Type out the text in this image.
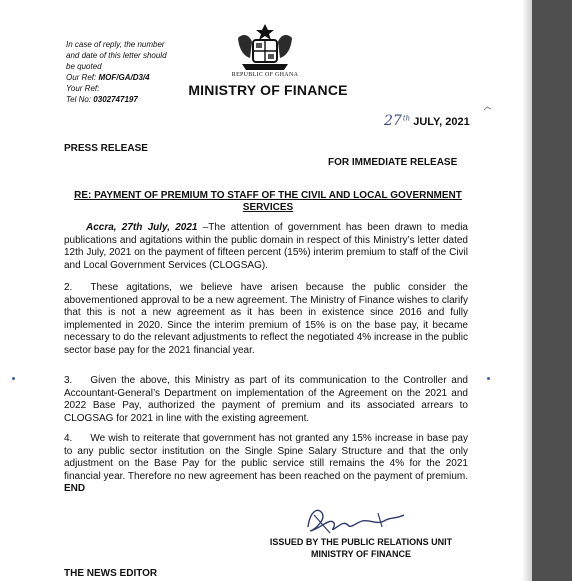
In case of reply, the number and date of this letter should be quoted
Our Ref: MOF/GA/D3/4
Your Ref:
Tel No: 0302747197
REPUBLIC OF GHANA
MINISTRY OF FINANCE
27th JULY, 2021
PRESS RELEASE
FOR IMMEDIATE RELEASE
RE: PAYMENT OF PREMIUM TO STAFF OF THE CIVIL AND LOCAL GOVERNMENT SERVICES
Accra, 27th July, 2021 –The attention of government has been drawn to media publications and agitations within the public domain in respect of this Ministry’s letter dated 12th July, 2021 on the payment of fifteen percent (15%) interim premium to staff of the Civil and Local Government Services (CLOGSAG).
2. These agitations, we believe have arisen because the public consider the abovementioned approval to be a new agreement. The Ministry of Finance wishes to clarify that this is not a new agreement as it has been in existence since 2016 and fully implemented in 2020. Since the interim premium of 15% is on the base pay, it became necessary to do the relevant adjustments to reflect the negotiated 4% increase in the public sector base pay for the 2021 financial year.
3. Given the above, this Ministry as part of its communication to the Controller and Accountant-General’s Department on implementation of the Agreement on the 2021 and 2022 Base Pay, authorized the payment of premium and its associated arrears to CLOGSAG for 2021 in line with the existing agreement.
4. We wish to reiterate that government has not granted any 15% increase in base pay to any public sector institution on the Single Spine Salary Structure and that the only adjustment on the Base Pay for the public service still remains the 4% for the 2021 financial year. Therefore no new agreement has been reached on the payment of premium. END
ISSUED BY THE PUBLIC RELATIONS UNIT
MINISTRY OF FINANCE
THE NEWS EDITOR
